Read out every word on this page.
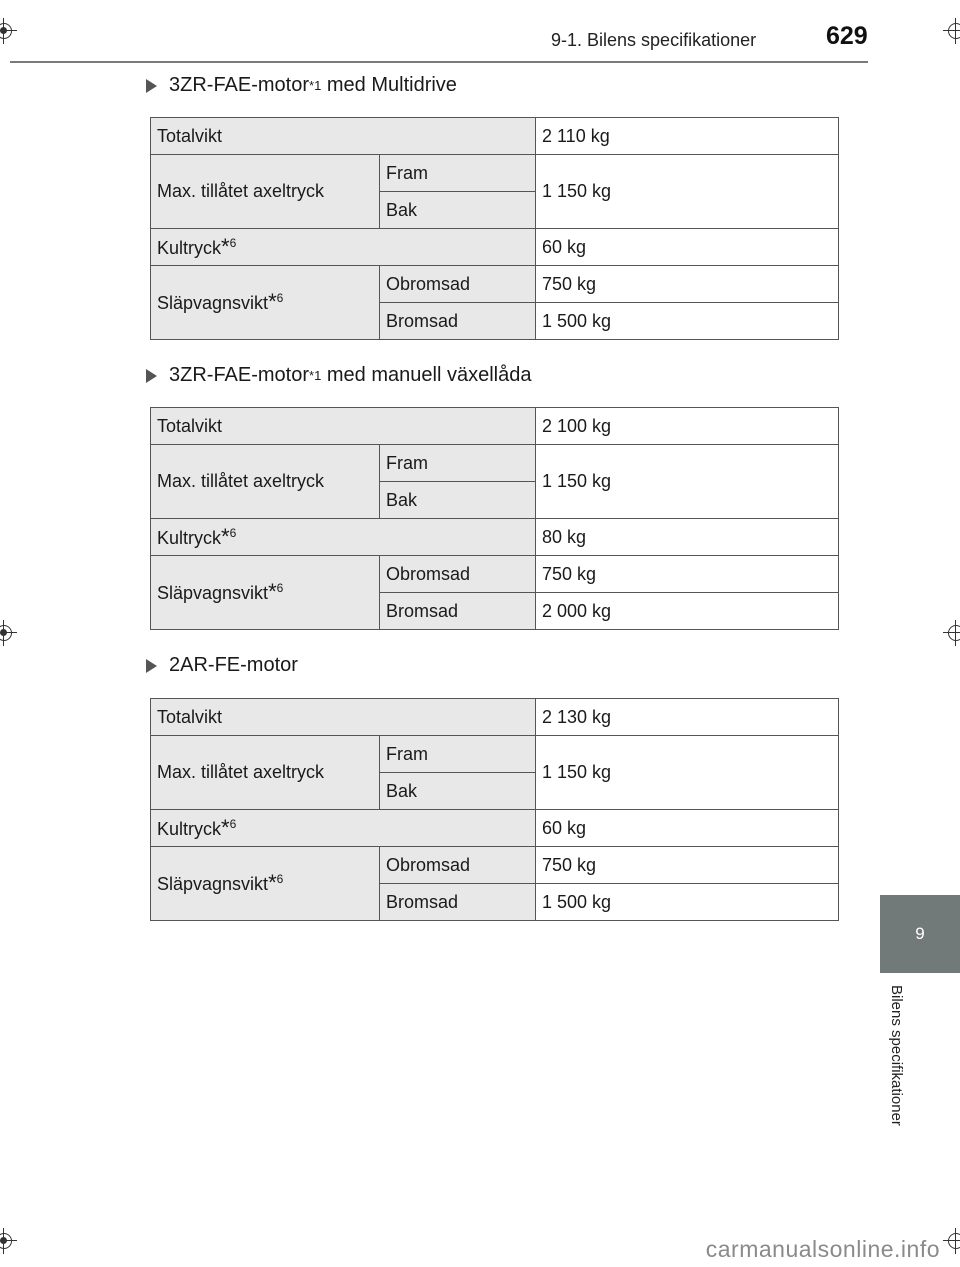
9-1. Bilens specifikationer	629
3ZR-FAE-motor *1 med Multidrive
Totalvikt		2 110 kg
Max. tillåtet axeltryck	Fram	1 150 kg
	Bak	
Kultryck*$^6$		60 kg
Släpvagnsvikt*$^6$	Obromsad	750 kg
	Bromsad	1 500 kg
3ZR-FAE-motor *1 med manuell växellåda
Totalvikt		2 100 kg
Max. tillåtet axeltryck	Fram	1 150 kg
	Bak	
Kultryck*$^6$		80 kg
Släpvagnsvikt*$^6$	Obromsad	750 kg
	Bromsad	2 000 kg
2AR-FE-motor
Totalvikt		2 130 kg
Max. tillåtet axeltryck	Fram	1 150 kg
	Bak	
Kultryck*$^6$		60 kg
Släpvagnsvikt*$^6$	Obromsad	750 kg
	Bromsad	1 500 kg
9
Bilens specifikationer
carmanualsonline.info
